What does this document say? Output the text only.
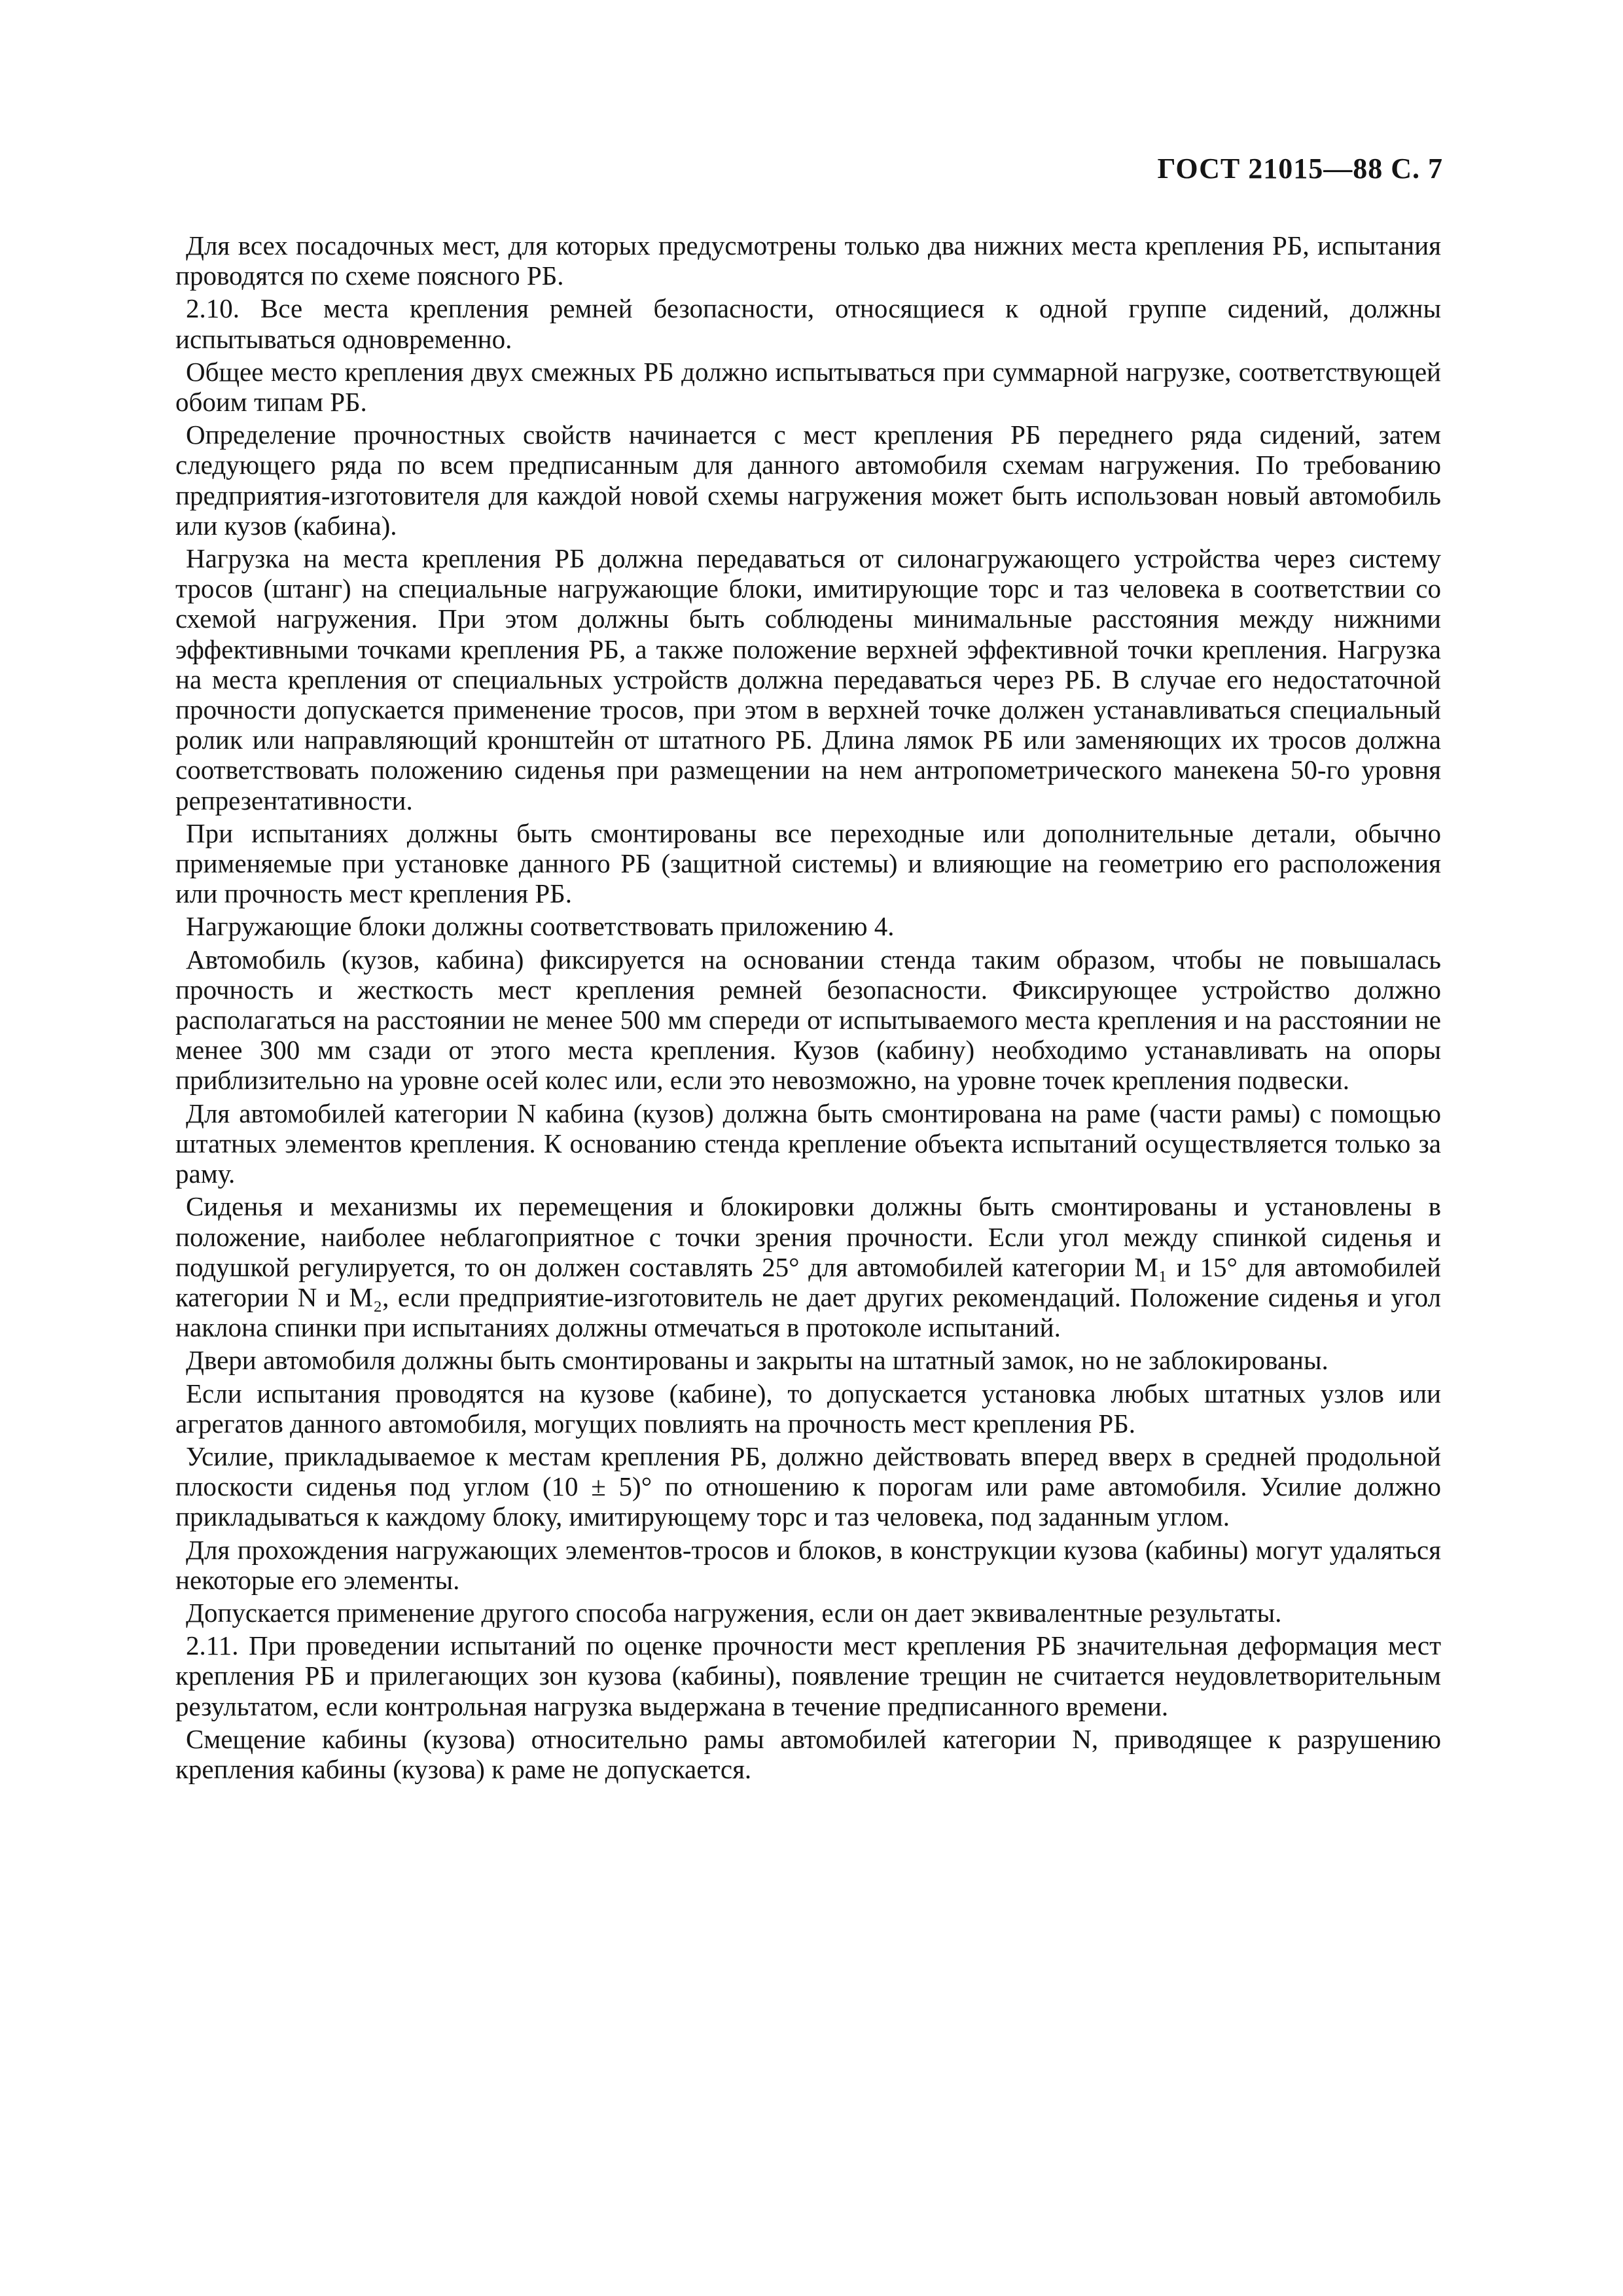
ГОСТ 21015—88 С. 7

Для всех посадочных мест, для которых предусмотрены только два нижних места крепления РБ, испытания проводятся по схеме поясного РБ.

2.10. Все места крепления ремней безопасности, относящиеся к одной группе сидений, должны испытываться одновременно.

Общее место крепления двух смежных РБ должно испытываться при суммарной нагрузке, соответствующей обоим типам РБ.

Определение прочностных свойств начинается с мест крепления РБ переднего ряда сидений, затем следующего ряда по всем предписанным для данного автомобиля схемам нагружения. По требованию предприятия-изготовителя для каждой новой схемы нагружения может быть использован новый автомобиль или кузов (кабина).

Нагрузка на места крепления РБ должна передаваться от силонагружающего устройства через систему тросов (штанг) на специальные нагружающие блоки, имитирующие торс и таз человека в соответствии со схемой нагружения. При этом должны быть соблюдены минимальные расстояния между нижними эффективными точками крепления РБ, а также положение верхней эффективной точки крепления. Нагрузка на места крепления от специальных устройств должна передаваться через РБ. В случае его недостаточной прочности допускается применение тросов, при этом в верхней точке должен устанавливаться специальный ролик или направляющий кронштейн от штатного РБ. Длина лямок РБ или заменяющих их тросов должна соответствовать положению сиденья при размещении на нем антропометрического манекена 50-го уровня репрезентативности.

При испытаниях должны быть смонтированы все переходные или дополнительные детали, обычно применяемые при установке данного РБ (защитной системы) и влияющие на геометрию его расположения или прочность мест крепления РБ.

Нагружающие блоки должны соответствовать приложению 4.

Автомобиль (кузов, кабина) фиксируется на основании стенда таким образом, чтобы не повышалась прочность и жесткость мест крепления ремней безопасности. Фиксирующее устройство должно располагаться на расстоянии не менее 500 мм спереди от испытываемого места крепления и на расстоянии не менее 300 мм сзади от этого места крепления. Кузов (кабину) необходимо устанавливать на опоры приблизительно на уровне осей колес или, если это невозможно, на уровне точек крепления подвески.

Для автомобилей категории N кабина (кузов) должна быть смонтирована на раме (части рамы) с помощью штатных элементов крепления. К основанию стенда крепление объекта испытаний осуществляется только за раму.

Сиденья и механизмы их перемещения и блокировки должны быть смонтированы и установлены в положение, наиболее неблагоприятное с точки зрения прочности. Если угол между спинкой сиденья и подушкой регулируется, то он должен составлять 25° для автомобилей категории M₁ и 15° для автомобилей категории N и M₂, если предприятие-изготовитель не дает других рекомендаций. Положение сиденья и угол наклона спинки при испытаниях должны отмечаться в протоколе испытаний.

Двери автомобиля должны быть смонтированы и закрыты на штатный замок, но не заблокированы.

Если испытания проводятся на кузове (кабине), то допускается установка любых штатных узлов или агрегатов данного автомобиля, могущих повлиять на прочность мест крепления РБ.

Усилие, прикладываемое к местам крепления РБ, должно действовать вперед вверх в средней продольной плоскости сиденья под углом (10 ± 5)° по отношению к порогам или раме автомобиля. Усилие должно прикладываться к каждому блоку, имитирующему торс и таз человека, под заданным углом.

Для прохождения нагружающих элементов-тросов и блоков, в конструкции кузова (кабины) могут удаляться некоторые его элементы.

Допускается применение другого способа нагружения, если он дает эквивалентные результаты.

2.11. При проведении испытаний по оценке прочности мест крепления РБ значительная деформация мест крепления РБ и прилегающих зон кузова (кабины), появление трещин не считается неудовлетворительным результатом, если контрольная нагрузка выдержана в течение предписанного времени.

Смещение кабины (кузова) относительно рамы автомобилей категории N, приводящее к разрушению крепления кабины (кузова) к раме не допускается.
